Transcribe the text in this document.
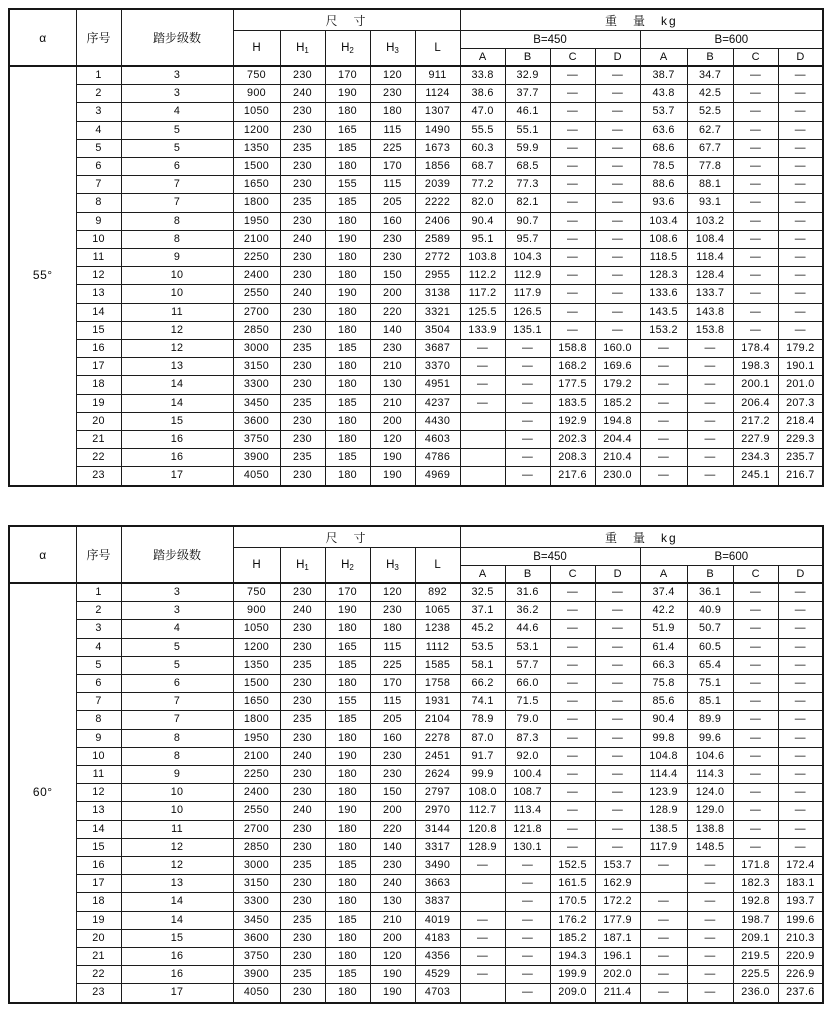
α	序号	踏步级数	尺　寸					重　量　kg							
			H	$H_1$	$H_2$	$H_3$	L	B=450				B=600			
								A	B	C	D	A	B	C	D
55°	1	3	750	230	170	120	911	33.8	32.9	—	—	38.7	34.7	—	—
	2	3	900	240	190	230	1124	38.6	37.7	—	—	43.8	42.5	—	—
	3	4	1050	230	180	180	1307	47.0	46.1	—	—	53.7	52.5	—	—
	4	5	1200	230	165	115	1490	55.5	55.1	—	—	63.6	62.7	—	—
	5	5	1350	235	185	225	1673	60.3	59.9	—	—	68.6	67.7	—	—
	6	6	1500	230	180	170	1856	68.7	68.5	—	—	78.5	77.8	—	—
	7	7	1650	230	155	115	2039	77.2	77.3	—	—	88.6	88.1	—	—
	8	7	1800	235	185	205	2222	82.0	82.1	—	—	93.6	93.1	—	—
	9	8	1950	230	180	160	2406	90.4	90.7	—	—	103.4	103.2	—	—
	10	8	2100	240	190	230	2589	95.1	95.7	—	—	108.6	108.4	—	—
	11	9	2250	230	180	230	2772	103.8	104.3	—	—	118.5	118.4	—	—
	12	10	2400	230	180	150	2955	112.2	112.9	—	—	128.3	128.4	—	—
	13	10	2550	240	190	200	3138	117.2	117.9	—	—	133.6	133.7	—	—
	14	11	2700	230	180	220	3321	125.5	126.5	—	—	143.5	143.8	—	—
	15	12	2850	230	180	140	3504	133.9	135.1	—	—	153.2	153.8	—	—
	16	12	3000	235	185	230	3687	—	—	158.8	160.0	—	—	178.4	179.2
	17	13	3150	230	180	210	3370	—	—	168.2	169.6	—	—	198.3	190.1
	18	14	3300	230	180	130	4951	—	—	177.5	179.2	—	—	200.1	201.0
	19	14	3450	235	185	210	4237	—	—	183.5	185.2	—	—	206.4	207.3
	20	15	3600	230	180	200	4430		—	192.9	194.8	—	—	217.2	218.4
	21	16	3750	230	180	120	4603		—	202.3	204.4	—	—	227.9	229.3
	22	16	3900	235	185	190	4786		—	208.3	210.4	—	—	234.3	235.7
	23	17	4050	230	180	190	4969		—	217.6	230.0	—	—	245.1	216.7
α	序号	踏步级数	尺　寸					重　量　kg							
			H	$H_1$	$H_2$	$H_3$	L	B=450				B=600			
								A	B	C	D	A	B	C	D
60°	1	3	750	230	170	120	892	32.5	31.6	—	—	37.4	36.1	—	—
	2	3	900	240	190	230	1065	37.1	36.2	—	—	42.2	40.9	—	—
	3	4	1050	230	180	180	1238	45.2	44.6	—	—	51.9	50.7	—	—
	4	5	1200	230	165	115	1112	53.5	53.1	—	—	61.4	60.5	—	—
	5	5	1350	235	185	225	1585	58.1	57.7	—	—	66.3	65.4	—	—
	6	6	1500	230	180	170	1758	66.2	66.0	—	—	75.8	75.1	—	—
	7	7	1650	230	155	115	1931	74.1	71.5	—	—	85.6	85.1	—	—
	8	7	1800	235	185	205	2104	78.9	79.0	—	—	90.4	89.9	—	—
	9	8	1950	230	180	160	2278	87.0	87.3	—	—	99.8	99.6	—	—
	10	8	2100	240	190	230	2451	91.7	92.0	—	—	104.8	104.6	—	—
	11	9	2250	230	180	230	2624	99.9	100.4	—	—	114.4	114.3	—	—
	12	10	2400	230	180	150	2797	108.0	108.7	—	—	123.9	124.0	—	—
	13	10	2550	240	190	200	2970	112.7	113.4	—	—	128.9	129.0	—	—
	14	11	2700	230	180	220	3144	120.8	121.8	—	—	138.5	138.8	—	—
	15	12	2850	230	180	140	3317	128.9	130.1	—	—	117.9	148.5	—	—
	16	12	3000	235	185	230	3490	—	—	152.5	153.7	—	—	171.8	172.4
	17	13	3150	230	180	240	3663		—	161.5	162.9		—	182.3	183.1
	18	14	3300	230	180	130	3837		—	170.5	172.2	—	—	192.8	193.7
	19	14	3450	235	185	210	4019	—	—	176.2	177.9	—	—	198.7	199.6
	20	15	3600	230	180	200	4183	—	—	185.2	187.1	—	—	209.1	210.3
	21	16	3750	230	180	120	4356	—	—	194.3	196.1	—	—	219.5	220.9
	22	16	3900	235	185	190	4529	—	—	199.9	202.0	—	—	225.5	226.9
	23	17	4050	230	180	190	4703		—	209.0	211.4	—	—	236.0	237.6
